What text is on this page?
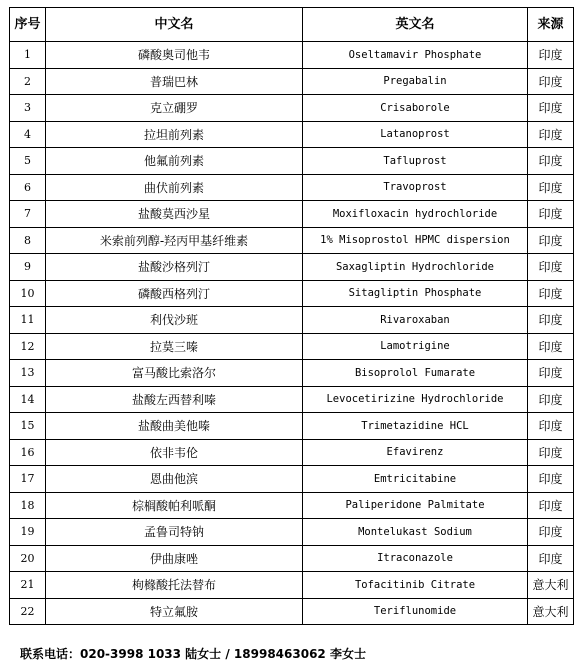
序号	中文名	英文名	来源
1	磷酸奥司他韦	Oseltamavir Phosphate	印度
2	普瑞巴林	Pregabalin	印度
3	克立硼罗	Crisaborole	印度
4	拉坦前列素	Latanoprost	印度
5	他氟前列素	Tafluprost	印度
6	曲伏前列素	Travoprost	印度
7	盐酸莫西沙星	Moxifloxacin hydrochloride	印度
8	米索前列醇-羟丙甲基纤维素	1% Misoprostol HPMC dispersion	印度
9	盐酸沙格列汀	Saxagliptin Hydrochloride	印度
10	磷酸西格列汀	Sitagliptin Phosphate	印度
11	利伐沙班	Rivaroxaban	印度
12	拉莫三嗪	Lamotrigine	印度
13	富马酸比索洛尔	Bisoprolol Fumarate	印度
14	盐酸左西替利嗪	Levocetirizine Hydrochloride	印度
15	盐酸曲美他嗪	Trimetazidine HCL	印度
16	依非韦伦	Efavirenz	印度
17	恩曲他滨	Emtricitabine	印度
18	棕榈酸帕利哌酮	Paliperidone Palmitate	印度
19	孟鲁司特钠	Montelukast Sodium	印度
20	伊曲康唑	Itraconazole	印度
21	枸橼酸托法替布	Tofacitinib Citrate	意大利
22	特立氟胺	Teriflunomide	意大利
联系电话：020-3998 1033 陆女士 / 18998463062 李女士
